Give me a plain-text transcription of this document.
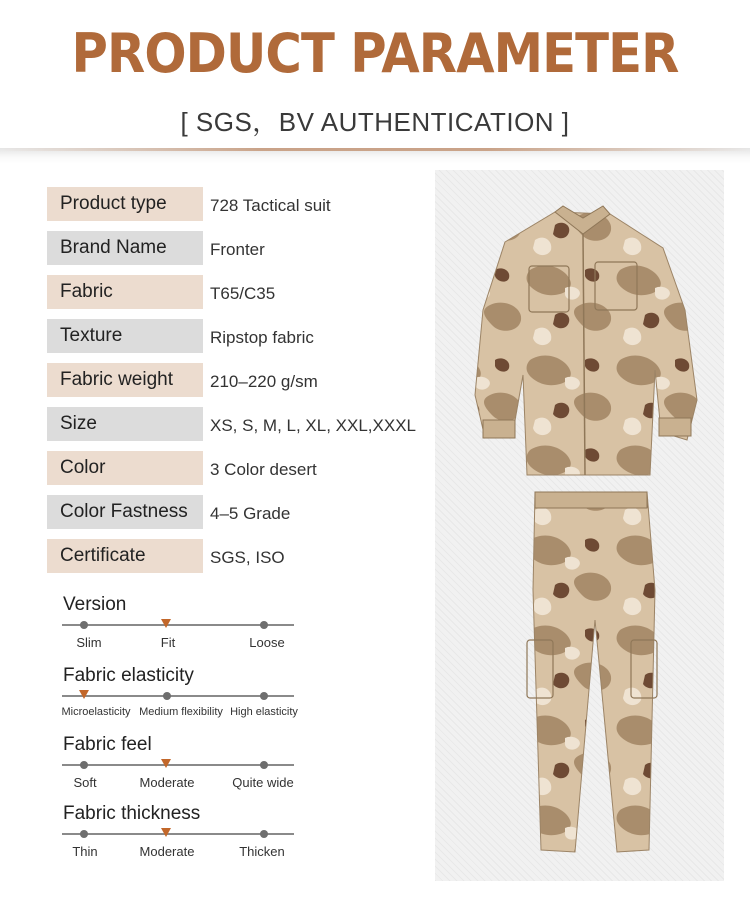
PRODUCT PARAMETER
[ SGS，BV AUTHENTICATION ]
Product type	728 Tactical suit
Brand Name	Fronter
Fabric	T65/C35
Texture	Ripstop fabric
Fabric weight	210–220 g/sm
Size	XS, S, M, L, XL, XXL,XXXL
Color	3 Color desert
Color Fastness	4–5 Grade
Certificate	SGS, ISO
Version
Slim	Fit	Loose
Fabric elasticity
Microelasticity Medium flexibility High elasticity
Fabric feel
Soft	Moderate	Quite wide
Fabric thickness
Thin	Moderate	Thicken
